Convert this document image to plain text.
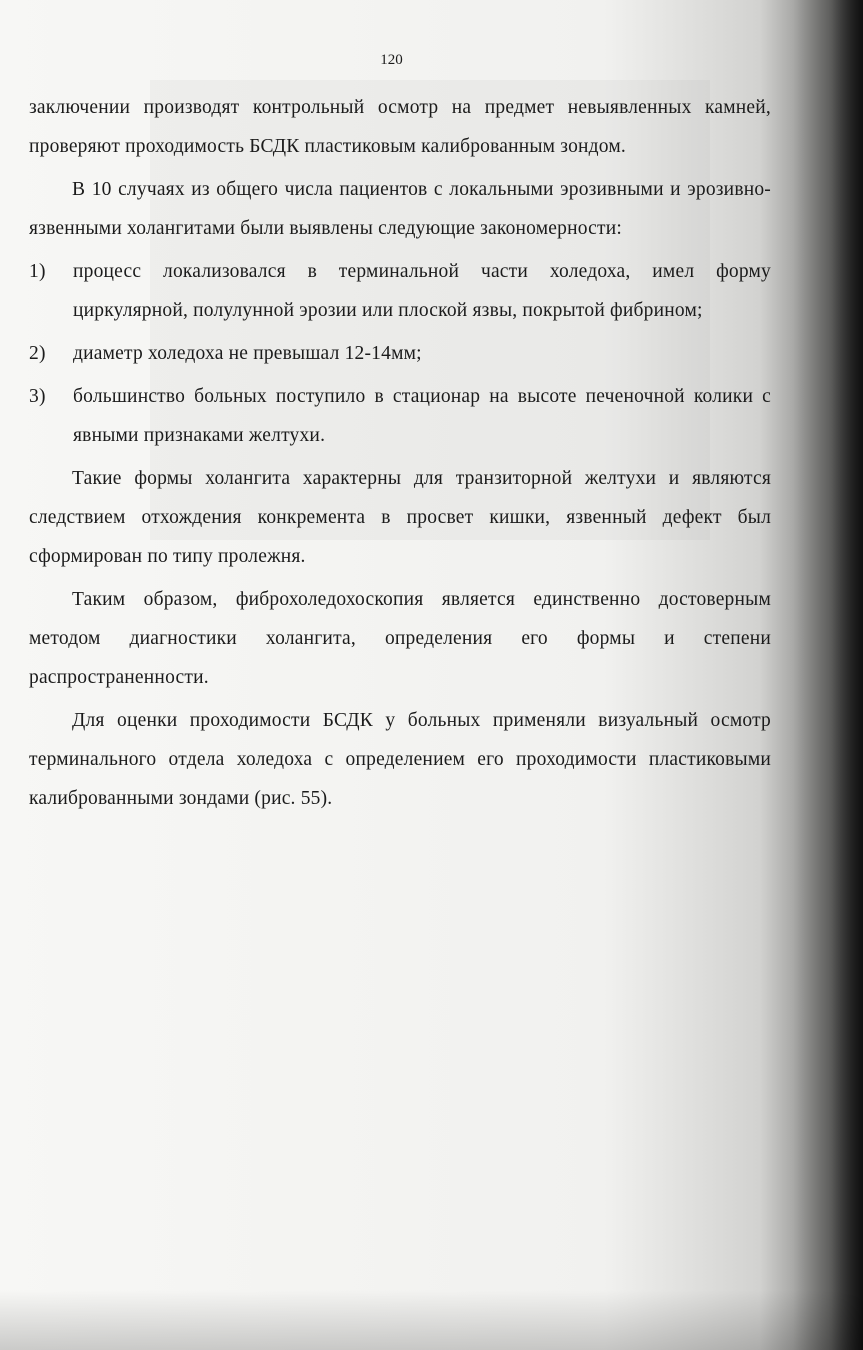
120

заключении производят контрольный осмотр на предмет невыявленных камней, проверяют проходимость БСДК пластиковым калиброванным зондом.

В 10 случаях из общего числа пациентов с локальными эрозивными и эрозивно-язвенными холангитами были выявлены следующие закономерности:

1)	процесс локализовался в терминальной части холедоха, имел форму циркулярной, полулунной эрозии или плоской язвы, покрытой фибрином;
2)	диаметр холедоха не превышал 12-14мм;
3)	большинство больных поступило в стационар на высоте печеночной колики с явными признаками желтухи.

Такие формы холангита характерны для транзиторной желтухи и являются следствием отхождения конкремента в просвет кишки, язвенный дефект был сформирован по типу пролежня.

Таким образом, фиброхоледохоскопия является единственно достоверным методом диагностики холангита, определения его формы и степени распространенности.

Для оценки проходимости БСДК у больных применяли визуальный осмотр терминального отдела холедоха с определением его проходимости пластиковыми калиброванными зондами (рис. 55).
